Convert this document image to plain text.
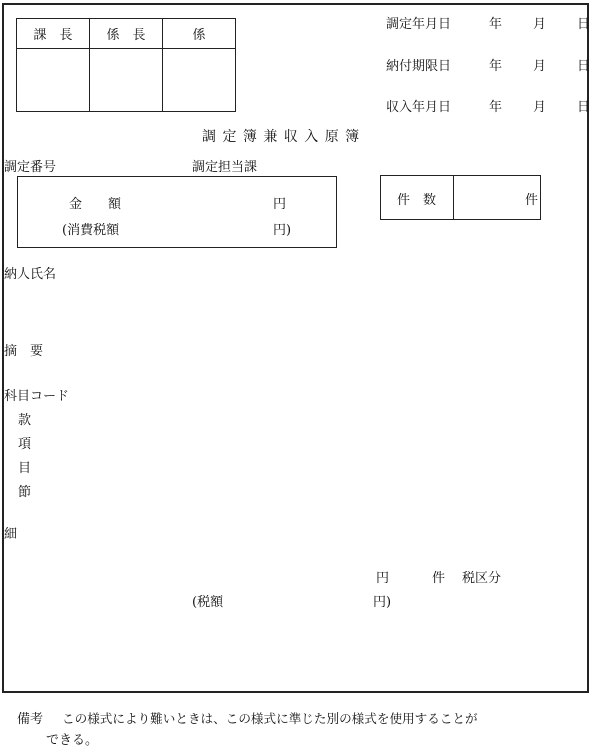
課　長	係　長	係

調定年月日	年 月 日
納付期限日	年 月 日
収入年月日	年 月 日
調 定 簿 兼 収 入 原 簿
調定番号	調定担当課
金　　額	円
(消費税額	円)
件　数	件
納人氏名
摘　要
科目コード
款
項
目
節
細
円	件 税区分
(税額	円)
備考 この様式により難いときは、この様式に準じた別の様式を使用することが
できる。
